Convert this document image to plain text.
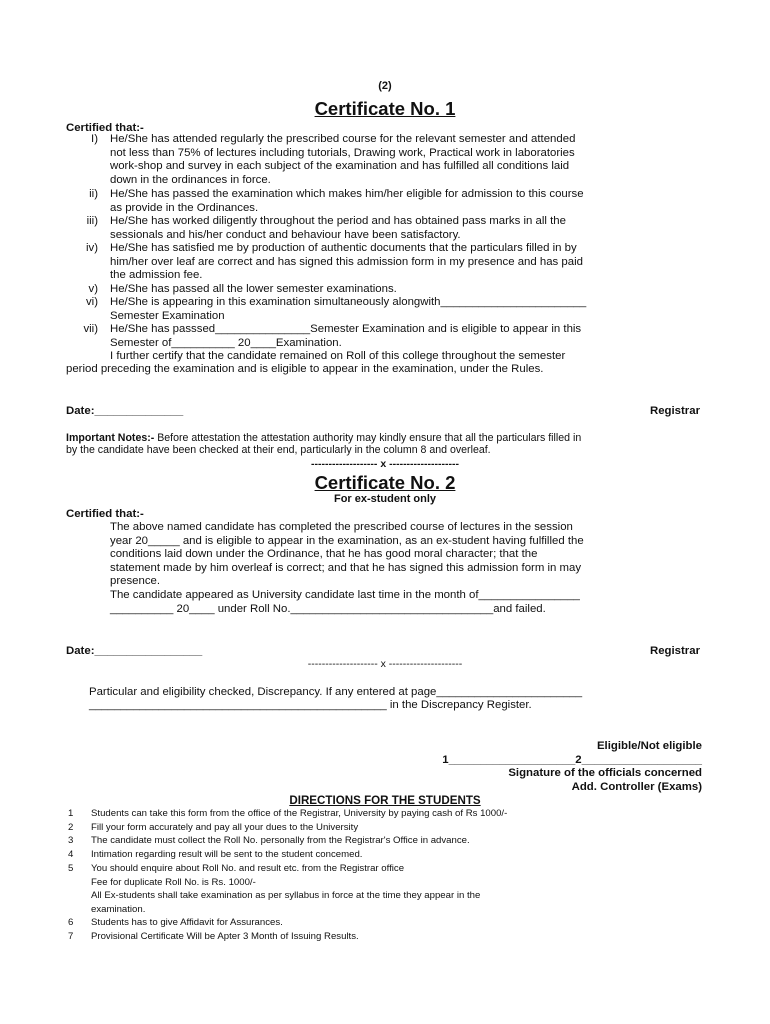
(2)
Certificate No. 1
Certified that:-
I) He/She has attended regularly the prescribed course for the relevant semester and attended
not less than 75% of lectures including tutorials, Drawing work, Practical work in laboratories
work-shop and survey in each subject of the examination and has fulfilled all conditions laid
down in the ordinances in force.
ii) He/She has passed the examination which makes him/her eligible for admission to this course
as provide in the Ordinances.
iii) He/She has worked diligently throughout the period and has obtained pass marks in all the
sessionals and his/her conduct and behaviour have been satisfactory.
iv) He/She has satisfied me by production of authentic documents that the particulars filled in by
him/her over leaf are correct and has signed this admission form in my presence and has paid
the admission fee.
v) He/She has passed all the lower semester examinations.
vi) He/She is appearing in this examination simultaneously alongwith_______________________
Semester Examination
vii) He/She has passsed_______________Semester Examination and is eligible to appear in this
Semester of__________ 20____Examination.
I further certify that the candidate remained on Roll of this college throughout the semester
period preceding the examination and is eligible to appear in the examination, under the Rules.
Date:______________	Registrar
Important Notes:- Before attestation the attestation authority may kindly ensure that all the particulars filled in
by the candidate have been checked at their end, particularly in the column 8 and overleaf.
------------------- x --------------------
Certificate No. 2
For ex-student only
Certified that:-
The above named candidate has completed the prescribed course of lectures in the session
year 20_____ and is eligible to appear in the examination, as an ex-student having fulfilled the
conditions laid down under the Ordinance, that he has good moral character; that the
statement made by him overleaf is correct; and that he has signed this admission form in may
presence.
The candidate appeared as University candidate last time in the month of________________
__________ 20____ under Roll No.________________________________and failed.
Date:_________________	Registrar
-------------------- x ---------------------
Particular and eligibility checked, Discrepancy. If any entered at page_______________________
_______________________________________________ in the Discrepancy Register.
Eligible/Not eligible
1____________________2___________________
Signature of the officials concerned
Add. Controller (Exams)
DIRECTIONS FOR THE STUDENTS
1 Students can take this form from the office of the Registrar, University by paying cash of Rs 1000/-
2 Fill your form accurately and pay all your dues to the University
3 The candidate must collect the Roll No. personally from the Registrar's Office in advance.
4 Intimation regarding result will be sent to the student concemed.
5 You should enquire about Roll No. and result etc. from the Registrar office
Fee for duplicate Roll No. is Rs. 1000/-
All Ex-students shall take examination as per syllabus in force at the time they appear in the
examination.
6 Students has to give Affidavit for Assurances.
7 Provisional Certificate Will be Apter 3 Month of Issuing Results.
